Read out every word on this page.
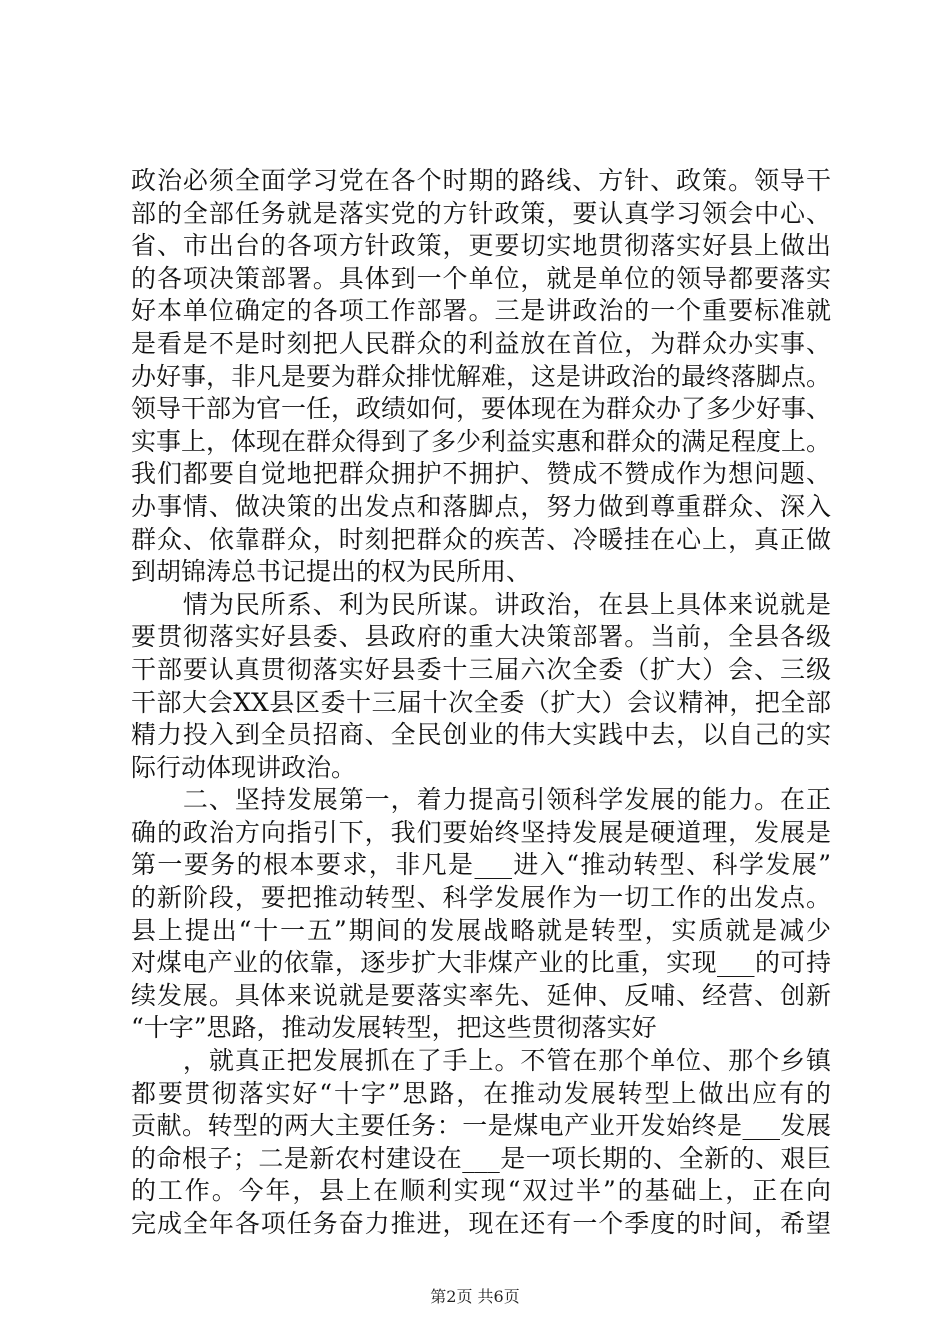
政治必须全面学习党在各个时期的路线、方针、政策。领导干
部的全部任务就是落实党的方针政策，要认真学习领会中心、
省、市出台的各项方针政策，更要切实地贯彻落实好县上做出
的各项决策部署。具体到一个单位，就是单位的领导都要落实
好本单位确定的各项工作部署。三是讲政治的一个重要标准就
是看是不是时刻把人民群众的利益放在首位，为群众办实事、
办好事，非凡是要为群众排忧解难，这是讲政治的最终落脚点。
领导干部为官一任，政绩如何，要体现在为群众办了多少好事、
实事上，体现在群众得到了多少利益实惠和群众的满足程度上。
我们都要自觉地把群众拥护不拥护、赞成不赞成作为想问题、
办事情、做决策的出发点和落脚点，努力做到尊重群众、深入
群众、依靠群众，时刻把群众的疾苦、冷暖挂在心上，真正做
到胡锦涛总书记提出的权为民所用、
　　情为民所系、利为民所谋。讲政治，在县上具体来说就是
要贯彻落实好县委、县政府的重大决策部署。当前，全县各级
干部要认真贯彻落实好县委十三届六次全委（扩大）会、三级
干部大会XX县区委十三届十次全委（扩大）会议精神，把全部
精力投入到全员招商、全民创业的伟大实践中去，以自己的实
际行动体现讲政治。
　　二、坚持发展第一，着力提高引领科学发展的能力。在正
确的政治方向指引下，我们要始终坚持发展是硬道理，发展是
第一要务的根本要求，非凡是___进入“推动转型、科学发展”
的新阶段，要把推动转型、科学发展作为一切工作的出发点。
县上提出“十一五”期间的发展战略就是转型，实质就是减少
对煤电产业的依靠，逐步扩大非煤产业的比重，实现___的可持
续发展。具体来说就是要落实率先、延伸、反哺、经营、创新
“十字”思路，推动发展转型，把这些贯彻落实好
　　，就真正把发展抓在了手上。不管在那个单位、那个乡镇
都要贯彻落实好“十字”思路，在推动发展转型上做出应有的
贡献。转型的两大主要任务：一是煤电产业开发始终是___发展
的命根子；二是新农村建设在___是一项长期的、全新的、艰巨
的工作。今年，县上在顺利实现“双过半”的基础上，正在向
完成全年各项任务奋力推进，现在还有一个季度的时间，希望
第2页 共6页
